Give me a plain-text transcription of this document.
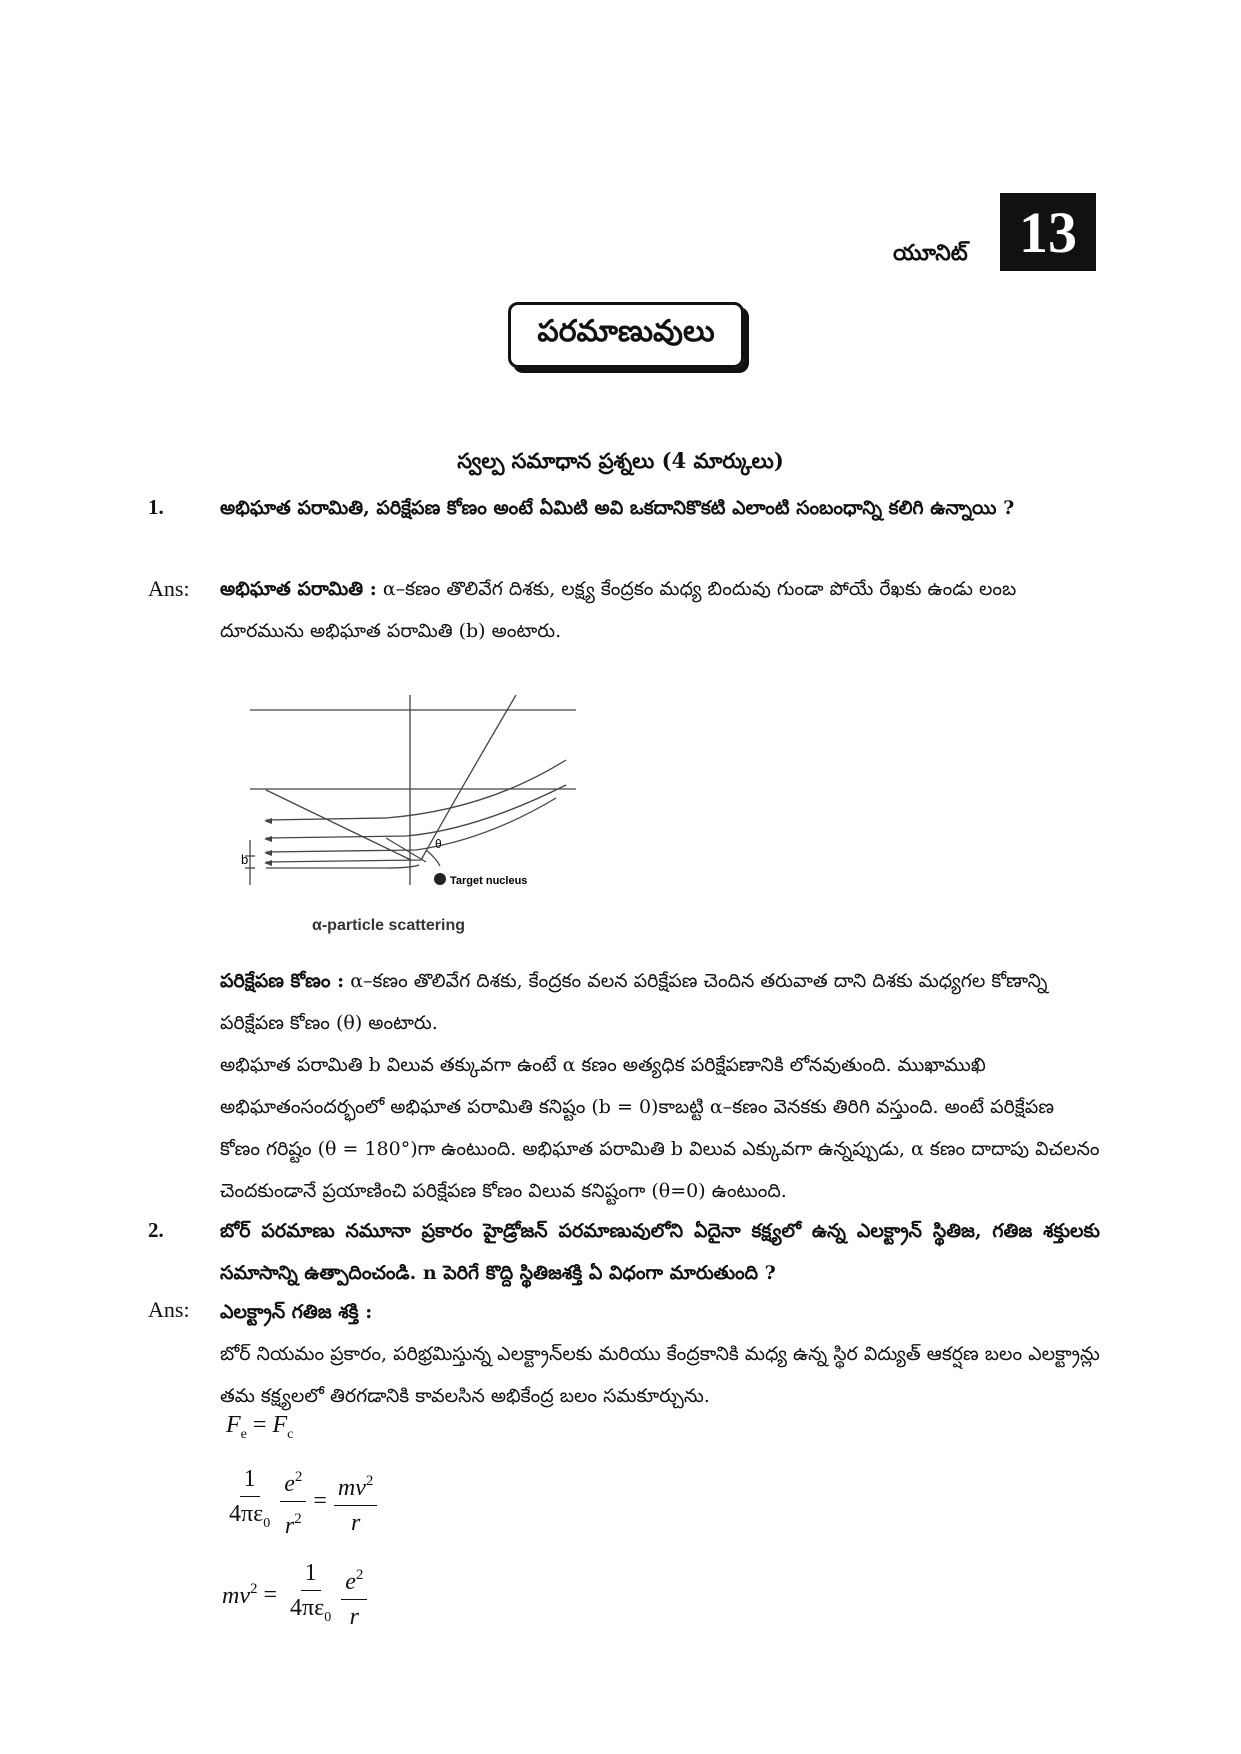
యూనిట్ 13
పరమాణువులు
స్వల్ప సమాధాన ప్రశ్నలు (4 మార్కులు)
1.	అభిఘాత పరామితి, పరిక్షేపణ కోణం అంటే ఏమిటి అవి ఒకదానికొకటి ఎలాంటి సంబంధాన్ని కలిగి ఉన్నాయి ?
Ans: అభిఘాత పరామితి : α–కణం తొలివేగ దిశకు, లక్ష్య కేంద్రకం మధ్య బిందువు గుండా పోయే రేఖకు ఉండు లంబ దూరమును అభిఘాత పరామితి (b) అంటారు.
b
θ
Target nucleus
α-particle scattering
పరిక్షేపణ కోణం : α–కణం తొలివేగ దిశకు, కేంద్రకం వలన పరిక్షేపణ చెందిన తరువాత దాని దిశకు మధ్యగల కోణాన్ని పరిక్షేపణ కోణం (θ) అంటారు.
అభిఘాత పరామితి b విలువ తక్కువగా ఉంటే α కణం అత్యధిక పరిక్షేపణానికి లోనవుతుంది. ముఖాముఖి అభిఘాతంసందర్భంలో అభిఘాత పరామితి కనిష్టం (b = 0)కాబట్టి α–కణం వెనకకు తిరిగి వస్తుంది. అంటే పరిక్షేపణ కోణం గరిష్టం (θ = 180°)గా ఉంటుంది. అభిఘాత పరామితి b విలువ ఎక్కువగా ఉన్నప్పుడు, α కణం దాదాపు విచలనం చెందకుండానే ప్రయాణించి పరిక్షేపణ కోణం విలువ కనిష్టంగా (θ=0) ఉంటుంది.
2.	బోర్ పరమాణు నమూనా ప్రకారం హైడ్రోజన్ పరమాణువులోని ఏదైనా కక్ష్యలో ఉన్న ఎలక్ట్రాన్ స్థితిజ, గతిజ శక్తులకు సమాసాన్ని ఉత్పాదించండి. n పెరిగే కొద్ది స్థితిజశక్తి ఏ విధంగా మారుతుంది ?
Ans: ఎలక్ట్రాన్ గతిజ శక్తి :
బోర్ నియమం ప్రకారం, పరిభ్రమిస్తున్న ఎలక్ట్రాన్‌లకు మరియు కేంద్రకానికి మధ్య ఉన్న స్థిర విద్యుత్ ఆకర్షణ బలం ఎలక్ట్రాన్లు తమ కక్ష్యలలో తిరగడానికి కావలసిన అభికేంద్ర బలం సమకూర్చును.
$F_e = F_c$
$\frac{1}{4\pi\varepsilon_0} \frac{e^2}{r^2} = \frac{mv^2}{r}$
$mv^2 = \frac{1}{4\pi\varepsilon_0} \frac{e^2}{r}$
